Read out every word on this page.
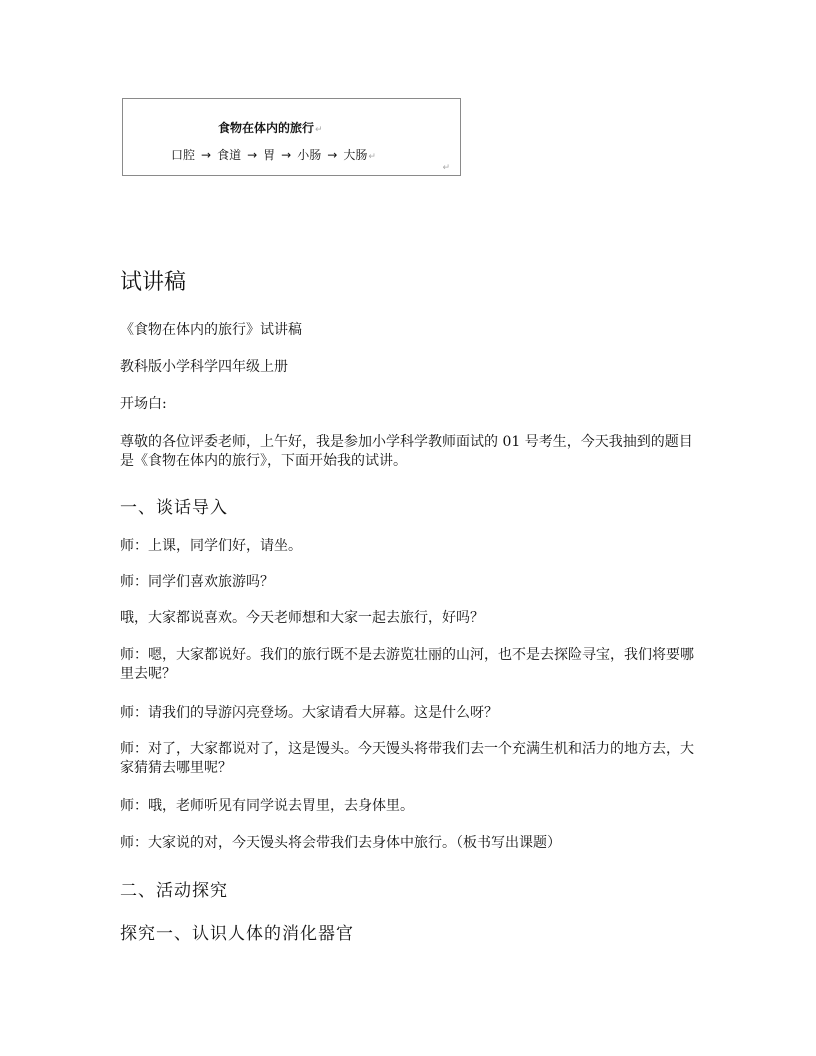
食物在体内的旅行↵
口腔 → 食道 → 胃 → 小肠 → 大肠↵
↵
试讲稿

《食物在体内的旅行》试讲稿

教科版小学科学四年级上册

开场白:

尊敬的各位评委老师，上午好，我是参加小学科学教师面试的 01 号考生，今天我抽到的题目是《食物在体内的旅行》，下面开始我的试讲。

一、谈话导入

师：上课，同学们好，请坐。

师：同学们喜欢旅游吗？

哦，大家都说喜欢。今天老师想和大家一起去旅行，好吗？

师：嗯，大家都说好。我们的旅行既不是去游览壮丽的山河，也不是去探险寻宝，我们将要哪里去呢？

师：请我们的导游闪亮登场。大家请看大屏幕。这是什么呀？

师：对了，大家都说对了，这是馒头。今天馒头将带我们去一个充满生机和活力的地方去，大家猜猜去哪里呢？

师：哦，老师听见有同学说去胃里，去身体里。

师：大家说的对，今天馒头将会带我们去身体中旅行。（板书写出课题）

二、活动探究
探究一、认识人体的消化器官
